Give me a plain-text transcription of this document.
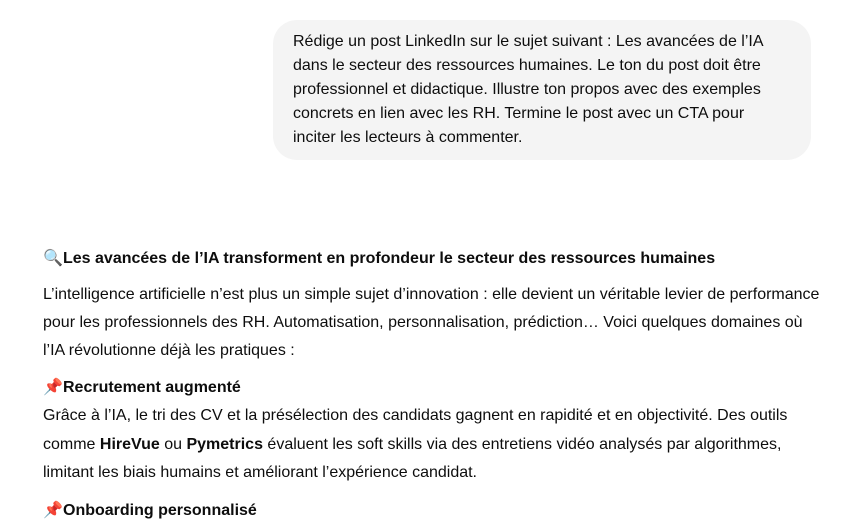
Rédige un post LinkedIn sur le sujet suivant : Les avancées de l’IA dans le secteur des ressources humaines. Le ton du post doit être professionnel et didactique. Illustre ton propos avec des exemples concrets en lien avec les RH. Termine le post avec un CTA pour inciter les lecteurs à commenter.

🔍Les avancées de l’IA transforment en profondeur le secteur des ressources humaines

L’intelligence artificielle n’est plus un simple sujet d’innovation : elle devient un véritable levier de performance pour les professionnels des RH. Automatisation, personnalisation, prédiction… Voici quelques domaines où l’IA révolutionne déjà les pratiques :

📌Recrutement augmenté

Grâce à l’IA, le tri des CV et la présélection des candidats gagnent en rapidité et en objectivité. Des outils comme HireVue ou Pymetrics évaluent les soft skills via des entretiens vidéo analysés par algorithmes, limitant les biais humains et améliorant l’expérience candidat.

📌Onboarding personnalisé
